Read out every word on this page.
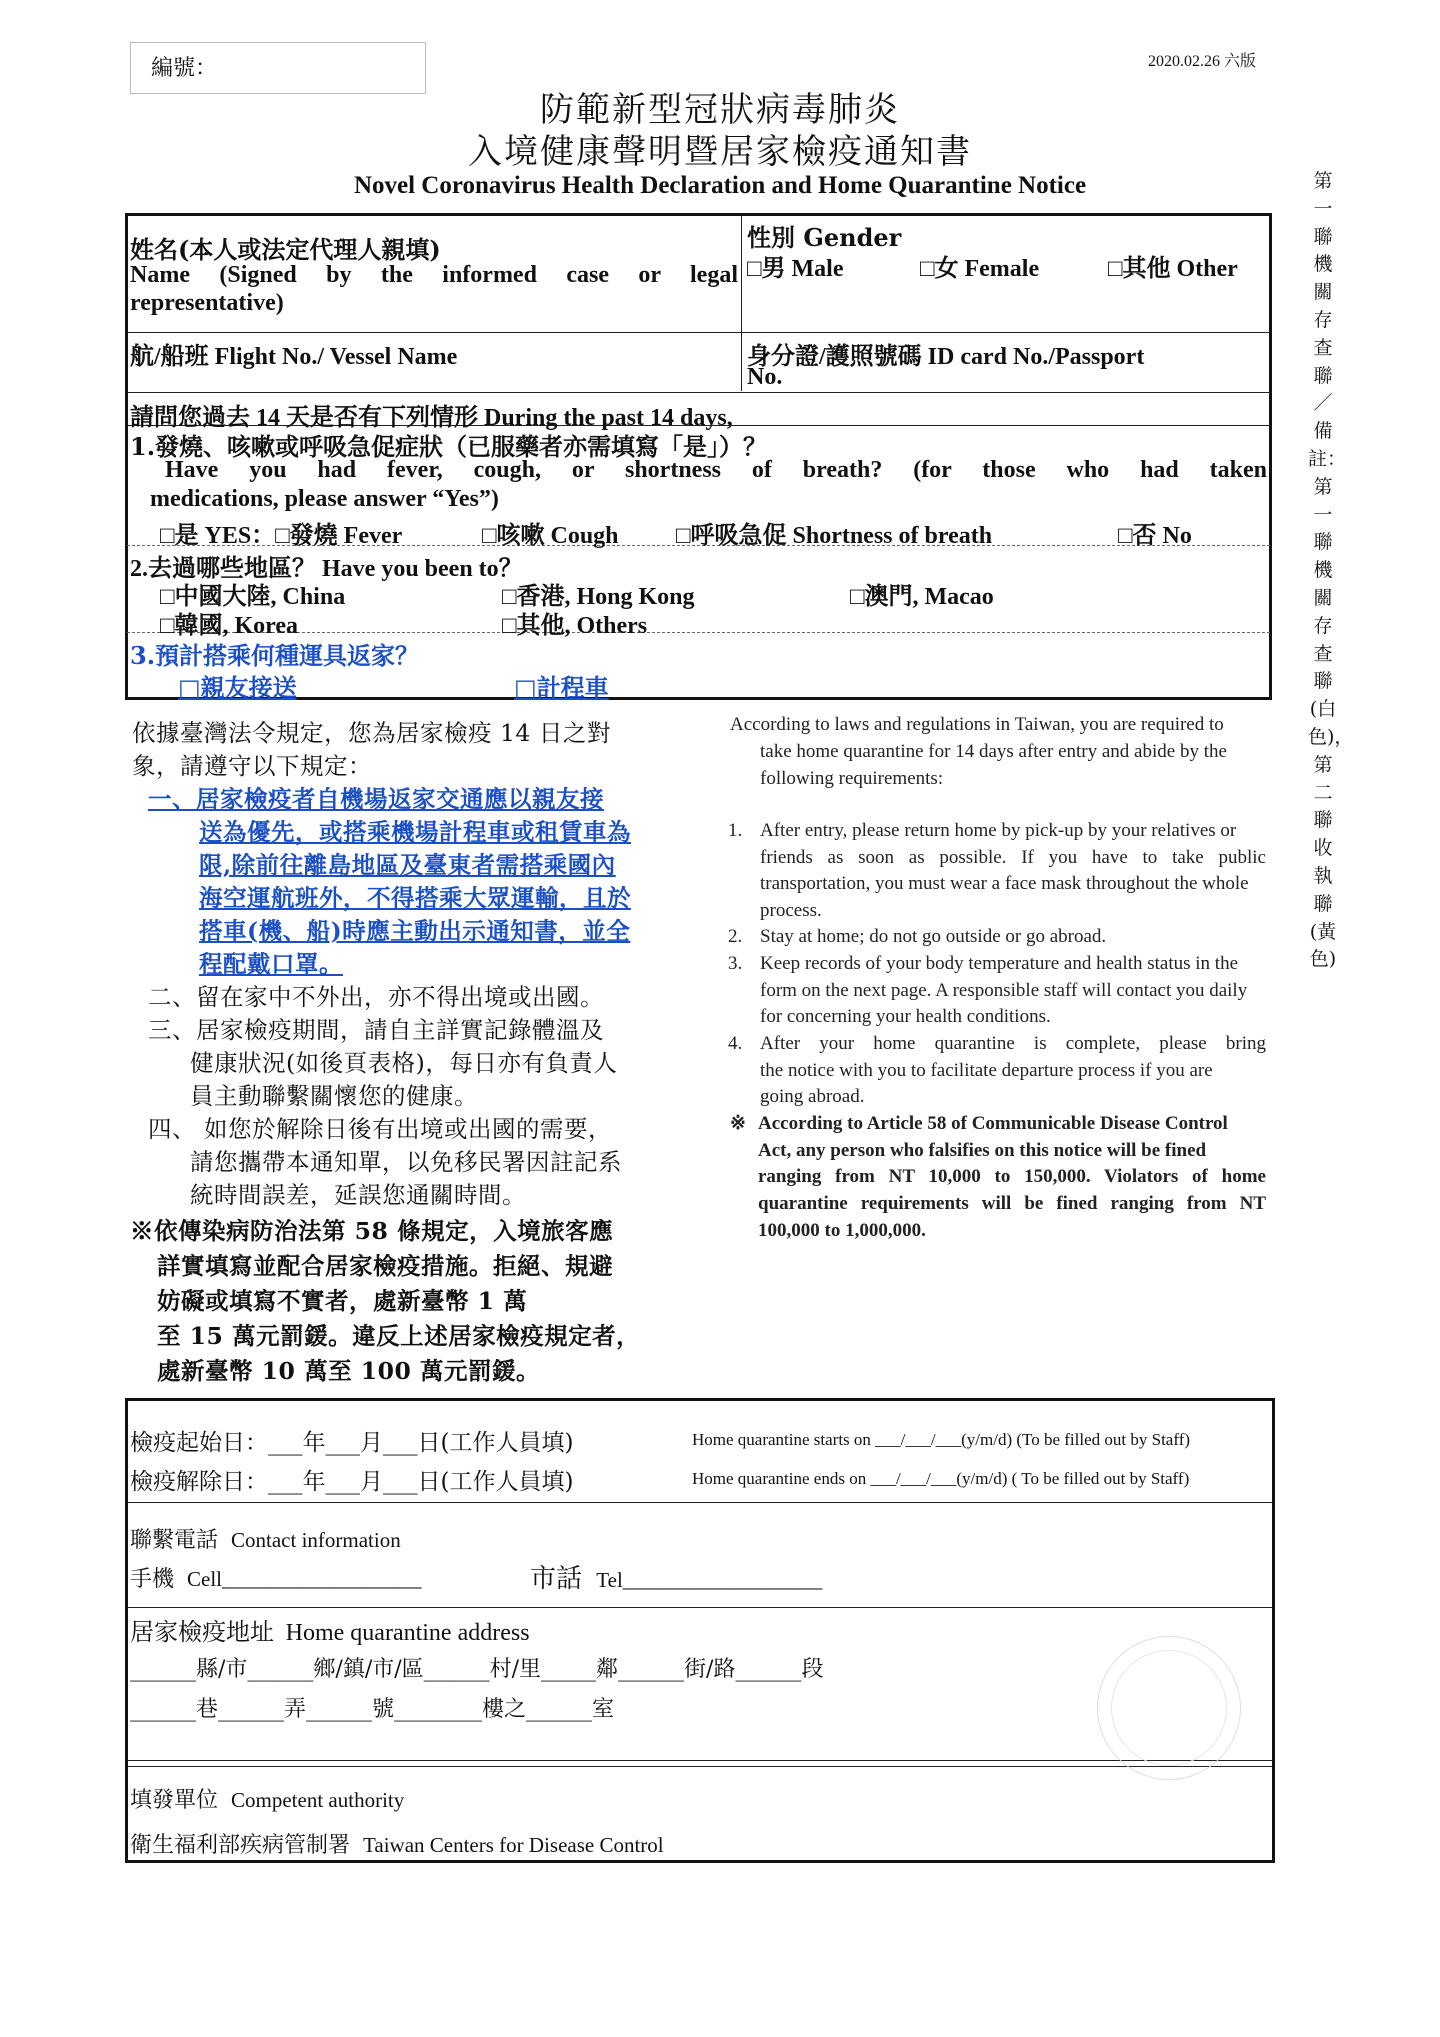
編號：	2020.02.26 六版
防範新型冠狀病毒肺炎
入境健康聲明暨居家檢疫通知書
Novel Coronavirus Health Declaration and Home Quarantine Notice	第一聯 機關存查聯／備註：第一聯 機關存查聯(白色)，第二聯 收執聯(黃色)
姓名(本人或法定代理人親填)
Name (Signed by the informed case or legal
representative)
性別 Gender
□男 Male	□女 Female	□其他 Other
航/船班 Flight No./ Vessel Name	身分證/護照號碼 ID card No./Passport
No.
請問您過去 14 天是否有下列情形 During the past 14 days,
1.發燒、咳嗽或呼吸急促症狀（已服藥者亦需填寫「是」）？
Have you had fever, cough, or shortness of breath? (for those who had taken
medications, please answer “Yes”)
□是 YES：□發燒 Fever	□咳嗽 Cough □呼吸急促 Shortness of breath	□否 No
2.去過哪些地區？ Have you been to？
□中國大陸, China	□香港, Hong Kong	□澳門, Macao
□韓國, Korea	□其他, Others
3.預計搭乘何種運具返家？
□親友接送	□計程車
依據臺灣法令規定，您為居家檢疫 14 日之對
象，請遵守以下規定：
一、居家檢疫者自機場返家交通應以親友接
送為優先，或搭乘機場計程車或租賃車為
限,除前往離島地區及臺東者需搭乘國內
海空運航班外，不得搭乘大眾運輸，且於
搭車(機、船)時應主動出示通知書，並全
程配戴口罩。
二、留在家中不外出，亦不得出境或出國。
三、居家檢疫期間，請自主詳實記錄體溫及
健康狀況(如後頁表格)，每日亦有負責人
員主動聯繫關懷您的健康。
四、 如您於解除日後有出境或出國的需要，
請您攜帶本通知單，以免移民署因註記系
統時間誤差，延誤您通關時間。
※依傳染病防治法第 58 條規定，入境旅客應
詳實填寫並配合居家檢疫措施。拒絕、規避
妨礙或填寫不實者，處新臺幣 1 萬
至 15 萬元罰鍰。違反上述居家檢疫規定者，
處新臺幣 10 萬至 100 萬元罰鍰。
According to laws and regulations in Taiwan, you are required to
take home quarantine for 14 days after entry and abide by the
following requirements:
1. After entry, please return home by pick-up by your relatives or
friends as soon as possible. If you have to take public
transportation, you must wear a face mask throughout the whole
process.
2. Stay at home; do not go outside or go abroad.
3. Keep records of your body temperature and health status in the
form on the next page. A responsible staff will contact you daily
for concerning your health conditions.
4. After your home quarantine is complete, please bring
the notice with you to facilitate departure process if you are
going abroad.
※ According to Article 58 of Communicable Disease Control
Act, any person who falsifies on this notice will be fined
ranging from NT 10,000 to 150,000. Violators of home
quarantine requirements will be fined ranging from NT
100,000 to 1,000,000.
檢疫起始日：___年___月___日(工作人員填)	Home quarantine starts on ___/___/___(y/m/d) (To be filled out by Staff)
檢疫解除日：___年___月___日(工作人員填)	Home quarantine ends on ___/___/___(y/m/d) ( To be filled out by Staff)
聯繫電話 Contact information
手機 Cell___________________	市話 Tel___________________
居家檢疫地址 Home quarantine address
______縣/市______鄉/鎮/市/區______村/里_____鄰______街/路______段
______巷______弄______號________樓之______室
填發單位 Competent authority
衛生福利部疾病管制署 Taiwan Centers for Disease Control
